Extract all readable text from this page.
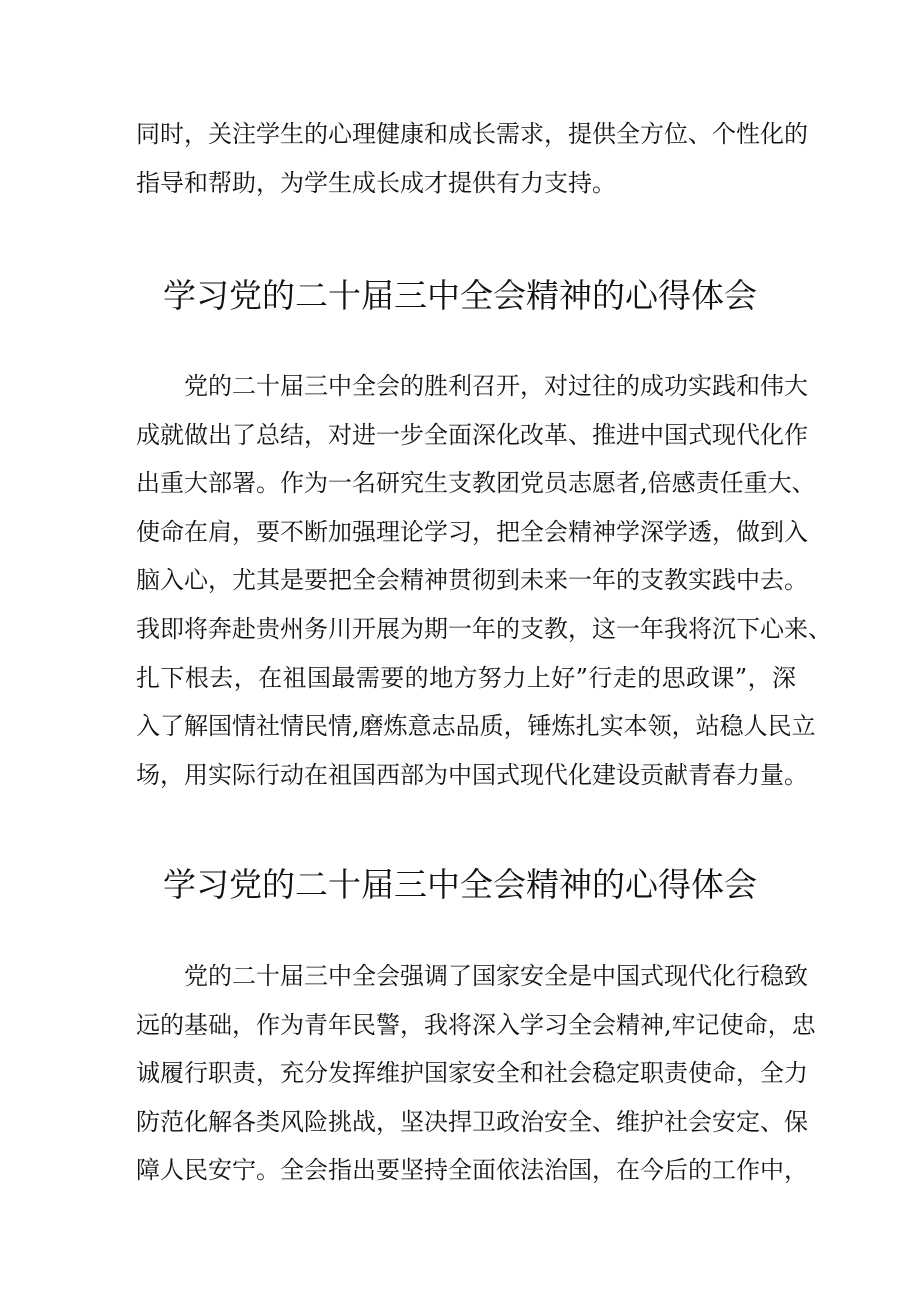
同时，关注学生的心理健康和成长需求，提供全方位、个性化的
指导和帮助，为学生成长成才提供有力支持。

学习党的二十届三中全会精神的心得体会

党的二十届三中全会的胜利召开，对过往的成功实践和伟大
成就做出了总结，对进一步全面深化改革、推进中国式现代化作
出重大部署。作为一名研究生支教团党员志愿者,倍感责任重大、
使命在肩，要不断加强理论学习，把全会精神学深学透，做到入
脑入心，尤其是要把全会精神贯彻到未来一年的支教实践中去。
我即将奔赴贵州务川开展为期一年的支教，这一年我将沉下心来、
扎下根去，在祖国最需要的地方努力上好”行走的思政课”，深
入了解国情社情民情,磨炼意志品质，锤炼扎实本领，站稳人民立
场，用实际行动在祖国西部为中国式现代化建设贡献青春力量。

学习党的二十届三中全会精神的心得体会

党的二十届三中全会强调了国家安全是中国式现代化行稳致
远的基础，作为青年民警，我将深入学习全会精神,牢记使命，忠
诚履行职责，充分发挥维护国家安全和社会稳定职责使命，全力
防范化解各类风险挑战，坚决捍卫政治安全、维护社会安定、保
障人民安宁。全会指出要坚持全面依法治国，在今后的工作中，
